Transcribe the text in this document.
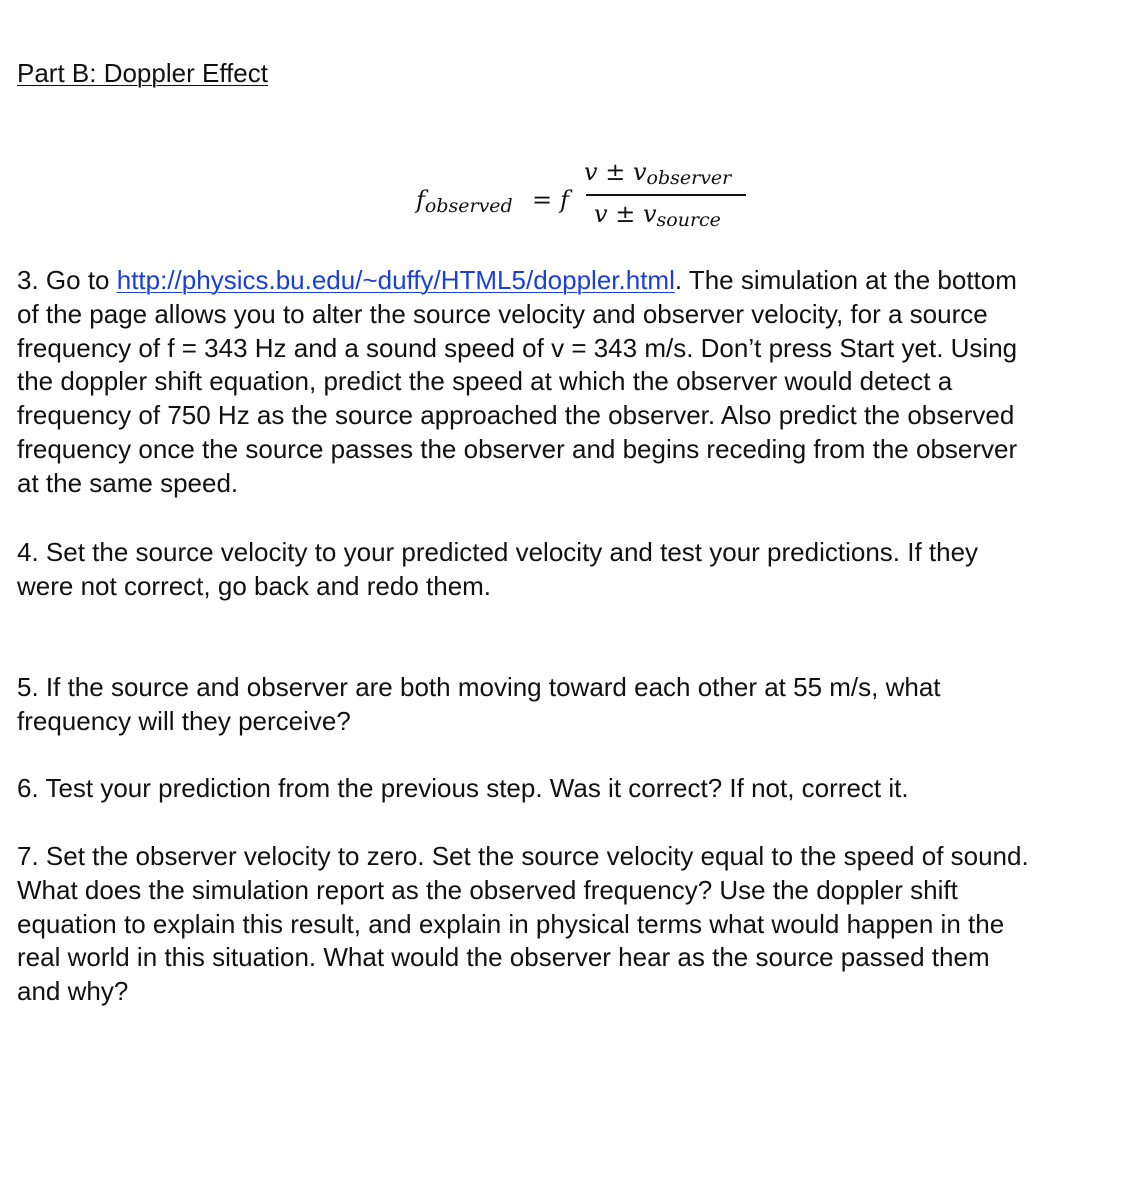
Part B: Doppler Effect
$f_{observed} = f$
$v \pm v_{observer}$
$v \pm v_{source}$
3. Go to http://physics.bu.edu/~duffy/HTML5/doppler.html. The simulation at the bottom
of the page allows you to alter the source velocity and observer velocity, for a source
frequency of f = 343 Hz and a sound speed of v = 343 m/s. Don’t press Start yet. Using
the doppler shift equation, predict the speed at which the observer would detect a
frequency of 750 Hz as the source approached the observer. Also predict the observed
frequency once the source passes the observer and begins receding from the observer
at the same speed.
4. Set the source velocity to your predicted velocity and test your predictions. If they
were not correct, go back and redo them.
5. If the source and observer are both moving toward each other at 55 m/s, what
frequency will they perceive?
6. Test your prediction from the previous step. Was it correct? If not, correct it.
7. Set the observer velocity to zero. Set the source velocity equal to the speed of sound.
What does the simulation report as the observed frequency? Use the doppler shift
equation to explain this result, and explain in physical terms what would happen in the
real world in this situation. What would the observer hear as the source passed them
and why?
